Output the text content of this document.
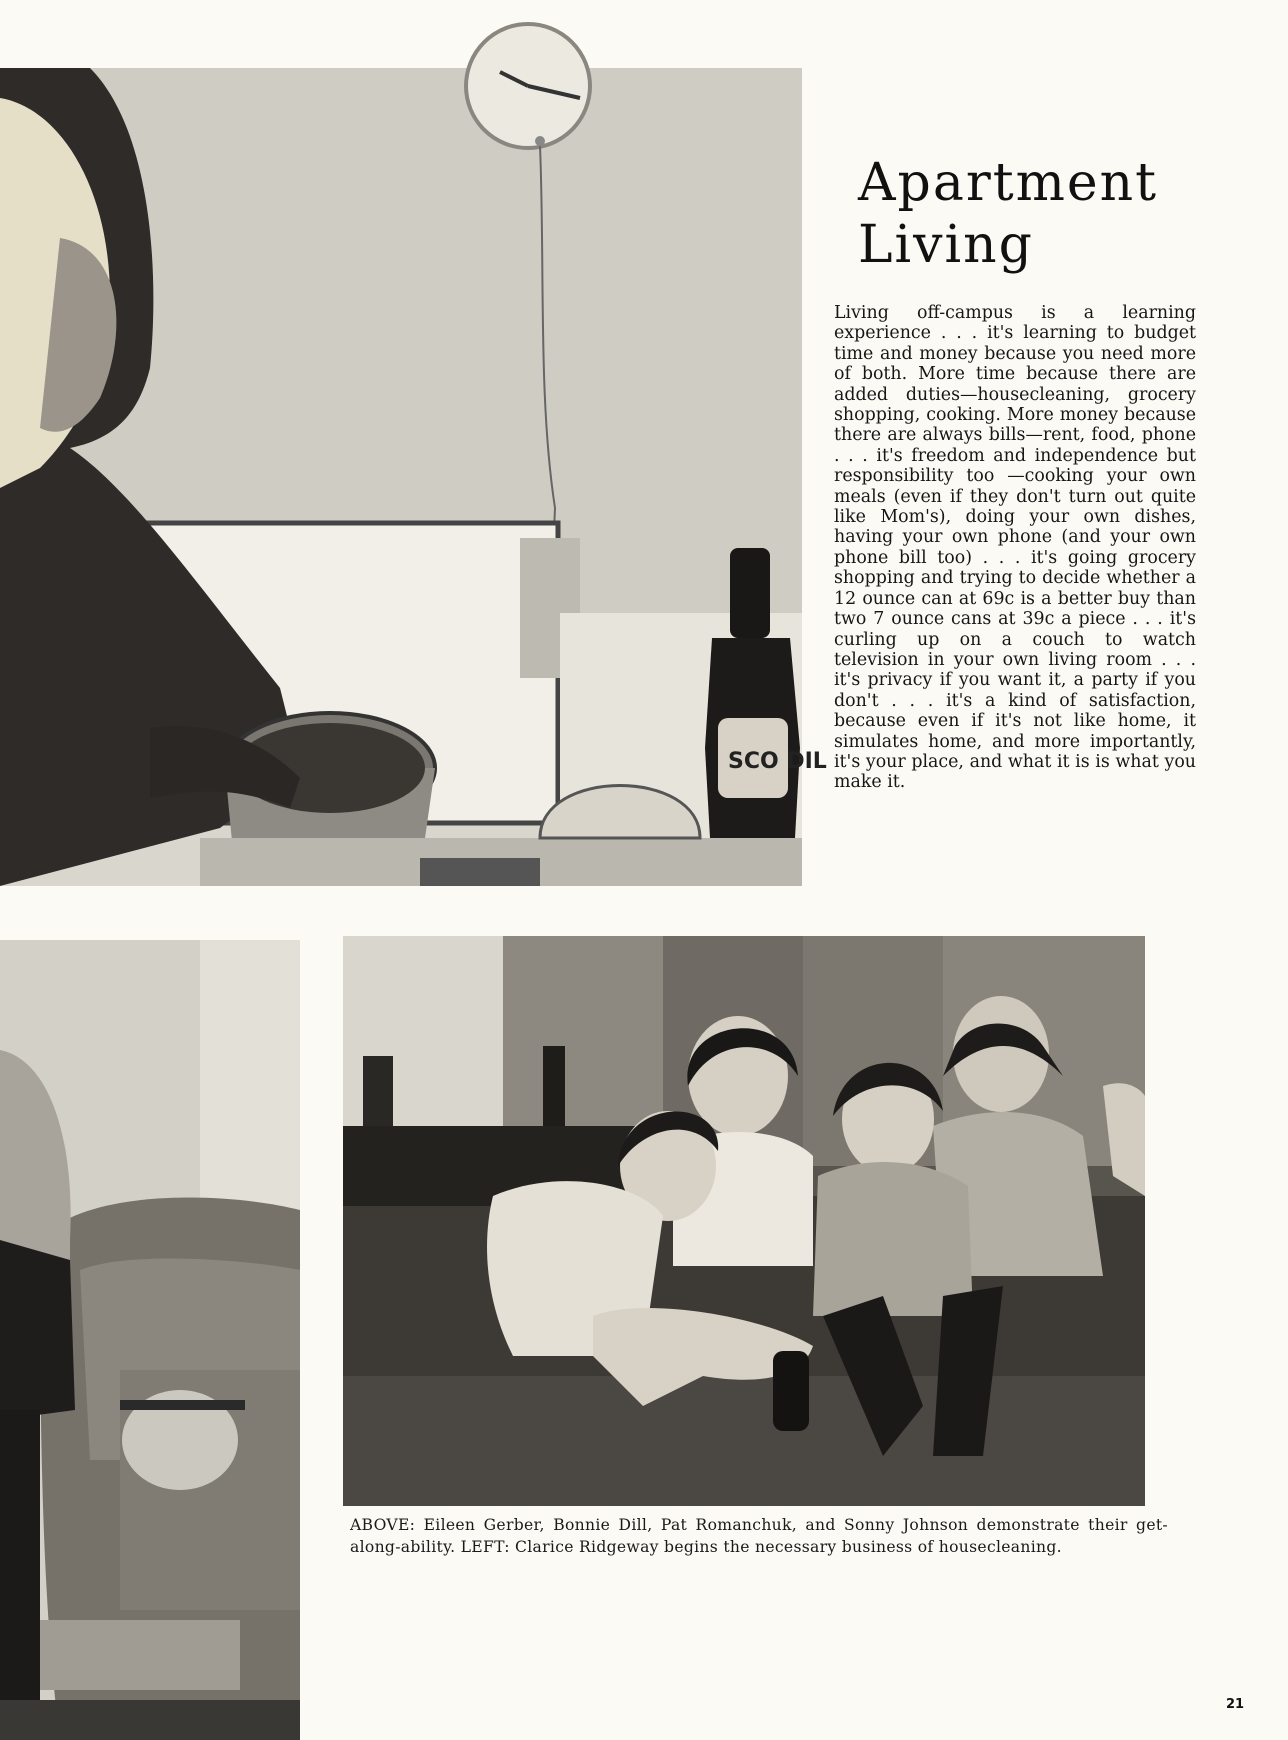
SCO DIL
Apartment
Living

Living off-campus is a learning experience . . . it's learning to budget time and money because you need more of both. More time because there are added duties—housecleaning, grocery shopping, cooking. More money because there are always bills—rent, food, phone . . . it's freedom and independence but responsibility too —cooking your own meals (even if they don't turn out quite like Mom's), doing your own dishes, having your own phone (and your own phone bill too) . . . it's going grocery shopping and trying to decide whether a 12 ounce can at 69c is a better buy than two 7 ounce cans at 39c a piece . . . it's curling up on a couch to watch television in your own living room . . . it's privacy if you want it, a party if you don't . . . it's a kind of satisfaction, because even if it's not like home, it simulates home, and more importantly, it's your place, and what it is is what you make it.

ABOVE: Eileen Gerber, Bonnie Dill, Pat Romanchuk, and Sonny Johnson demonstrate their get-along-ability. LEFT: Clarice Ridgeway begins the necessary business of housecleaning.

21
